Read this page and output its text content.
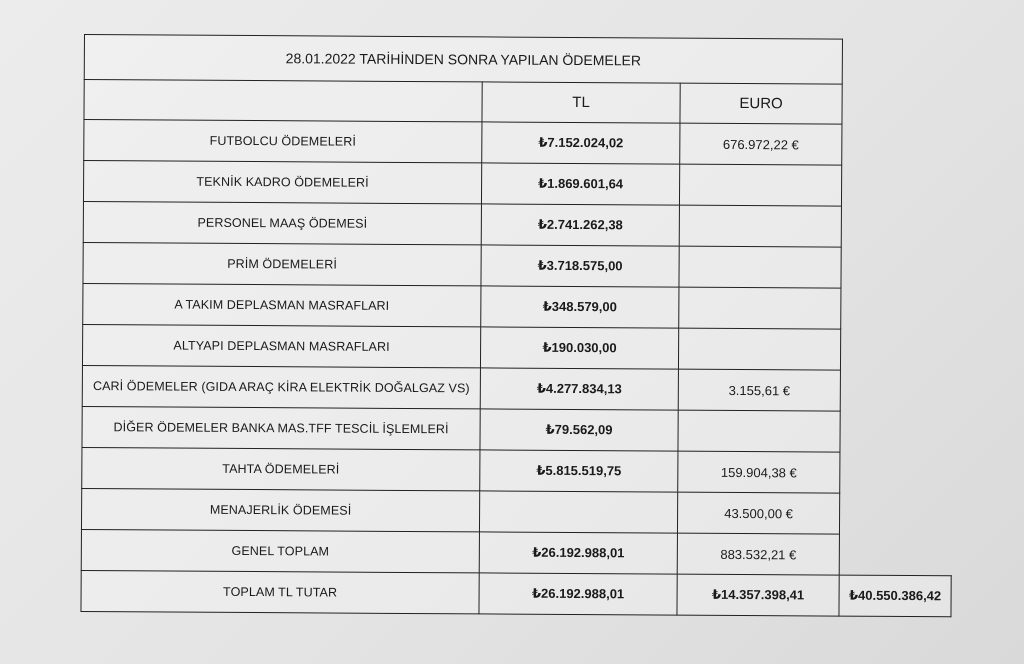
28.01.2022 TARİHİNDEN SONRA YAPILAN ÖDEMELER			
	TL	EURO	
FUTBOLCU ÖDEMELERİ	₺7.152.024,02	676.972,22 €	
TEKNİK KADRO ÖDEMELERİ	₺1.869.601,64		
PERSONEL MAAŞ ÖDEMESİ	₺2.741.262,38		
PRİM ÖDEMELERİ	₺3.718.575,00		
A TAKIM DEPLASMAN MASRAFLARI	₺348.579,00		
ALTYAPI DEPLASMAN MASRAFLARI	₺190.030,00		
CARİ ÖDEMELER (GIDA ARAÇ KİRA ELEKTRİK DOĞALGAZ VS)	₺4.277.834,13	3.155,61 €	
DİĞER ÖDEMELER BANKA MAS.TFF TESCİL İŞLEMLERİ	₺79.562,09		
TAHTA ÖDEMELERİ	₺5.815.519,75	159.904,38 €	
MENAJERLİK ÖDEMESİ		43.500,00 €	
GENEL TOPLAM	₺26.192.988,01	883.532,21 €	
TOPLAM TL TUTAR	₺26.192.988,01	₺14.357.398,41	₺40.550.386,42
